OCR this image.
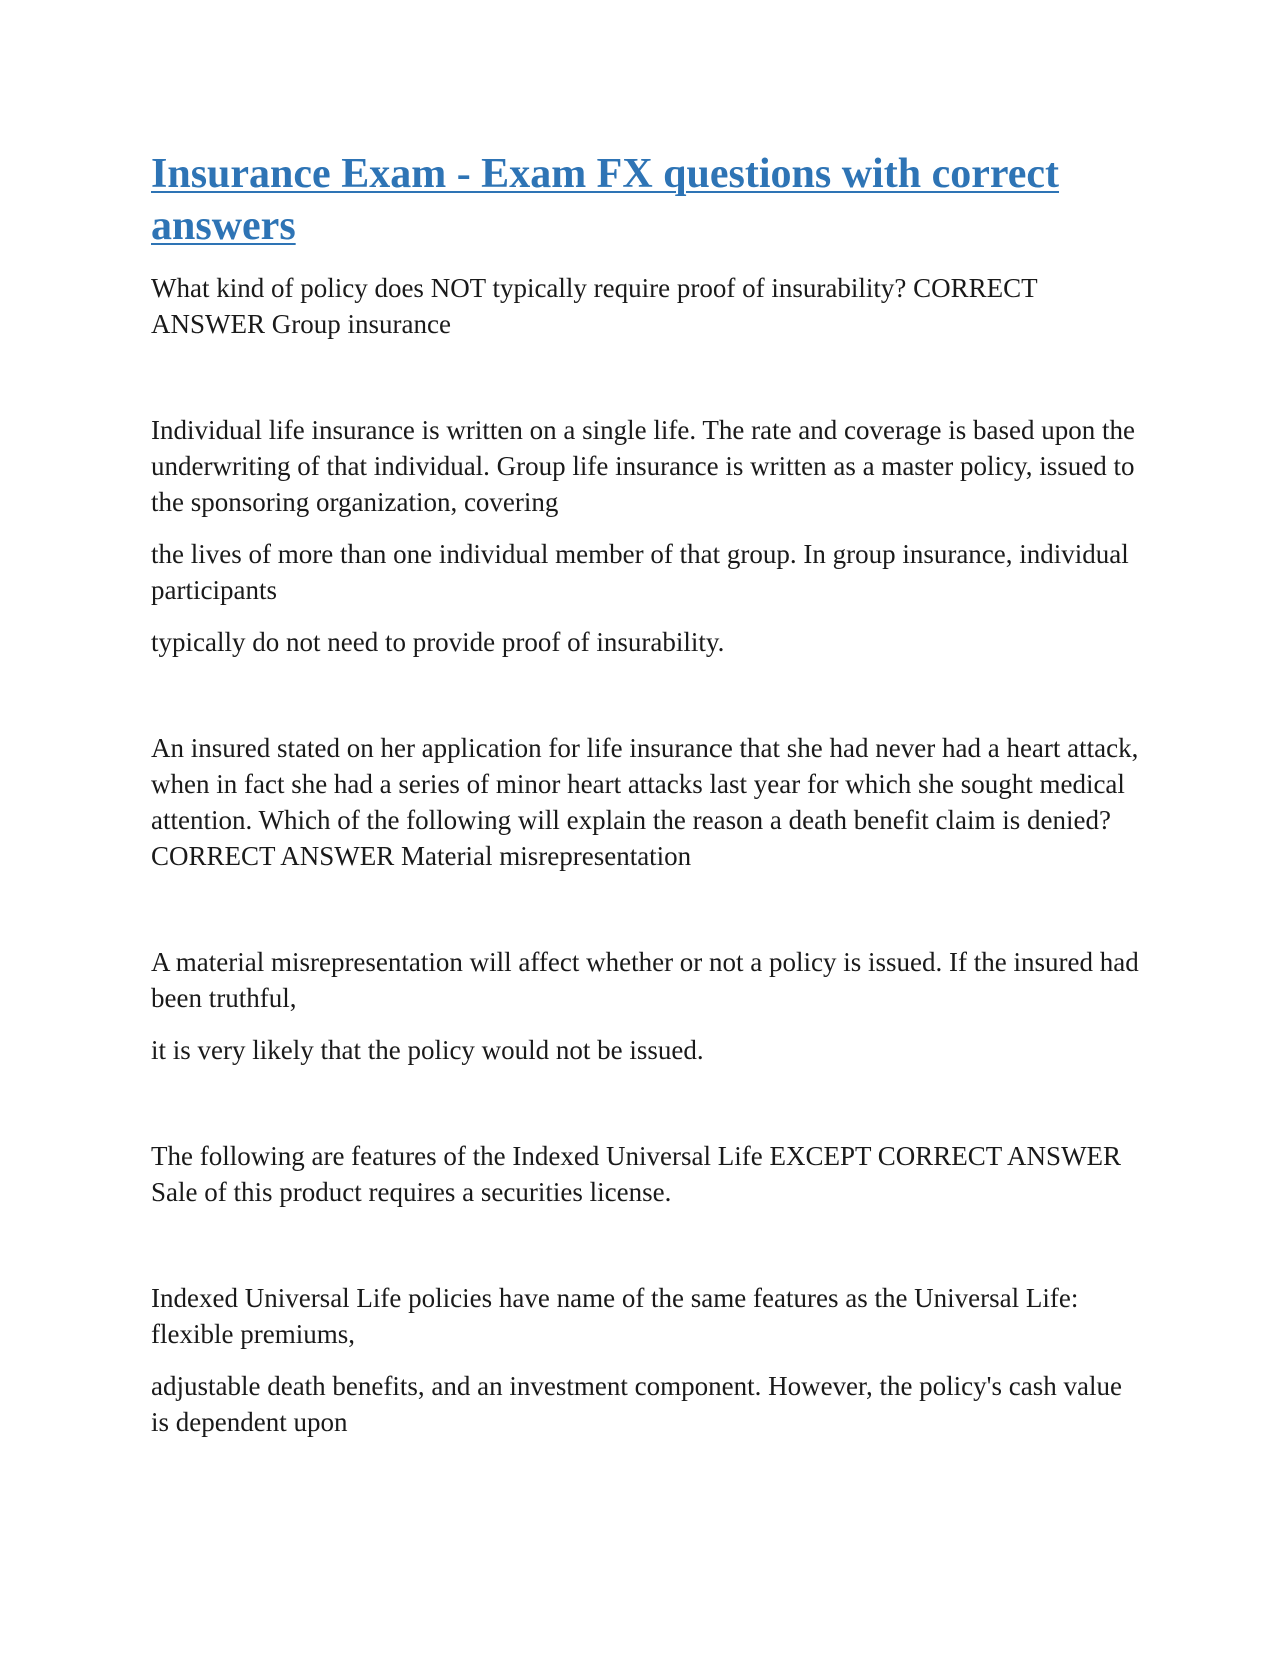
Insurance Exam - Exam FX questions with correct answers

What kind of policy does NOT typically require proof of insurability? CORRECT ANSWER Group insurance

Individual life insurance is written on a single life. The rate and coverage is based upon the underwriting of that individual. Group life insurance is written as a master policy, issued to the sponsoring organization, covering

the lives of more than one individual member of that group. In group insurance, individual participants

typically do not need to provide proof of insurability.

An insured stated on her application for life insurance that she had never had a heart attack, when in fact she had a series of minor heart attacks last year for which she sought medical attention. Which of the following will explain the reason a death benefit claim is denied? CORRECT ANSWER Material misrepresentation

A material misrepresentation will affect whether or not a policy is issued. If the insured had been truthful,

it is very likely that the policy would not be issued.

The following are features of the Indexed Universal Life EXCEPT CORRECT ANSWER Sale of this product requires a securities license.

Indexed Universal Life policies have name of the same features as the Universal Life: flexible premiums,

adjustable death benefits, and an investment component. However, the policy's cash value is dependent upon
